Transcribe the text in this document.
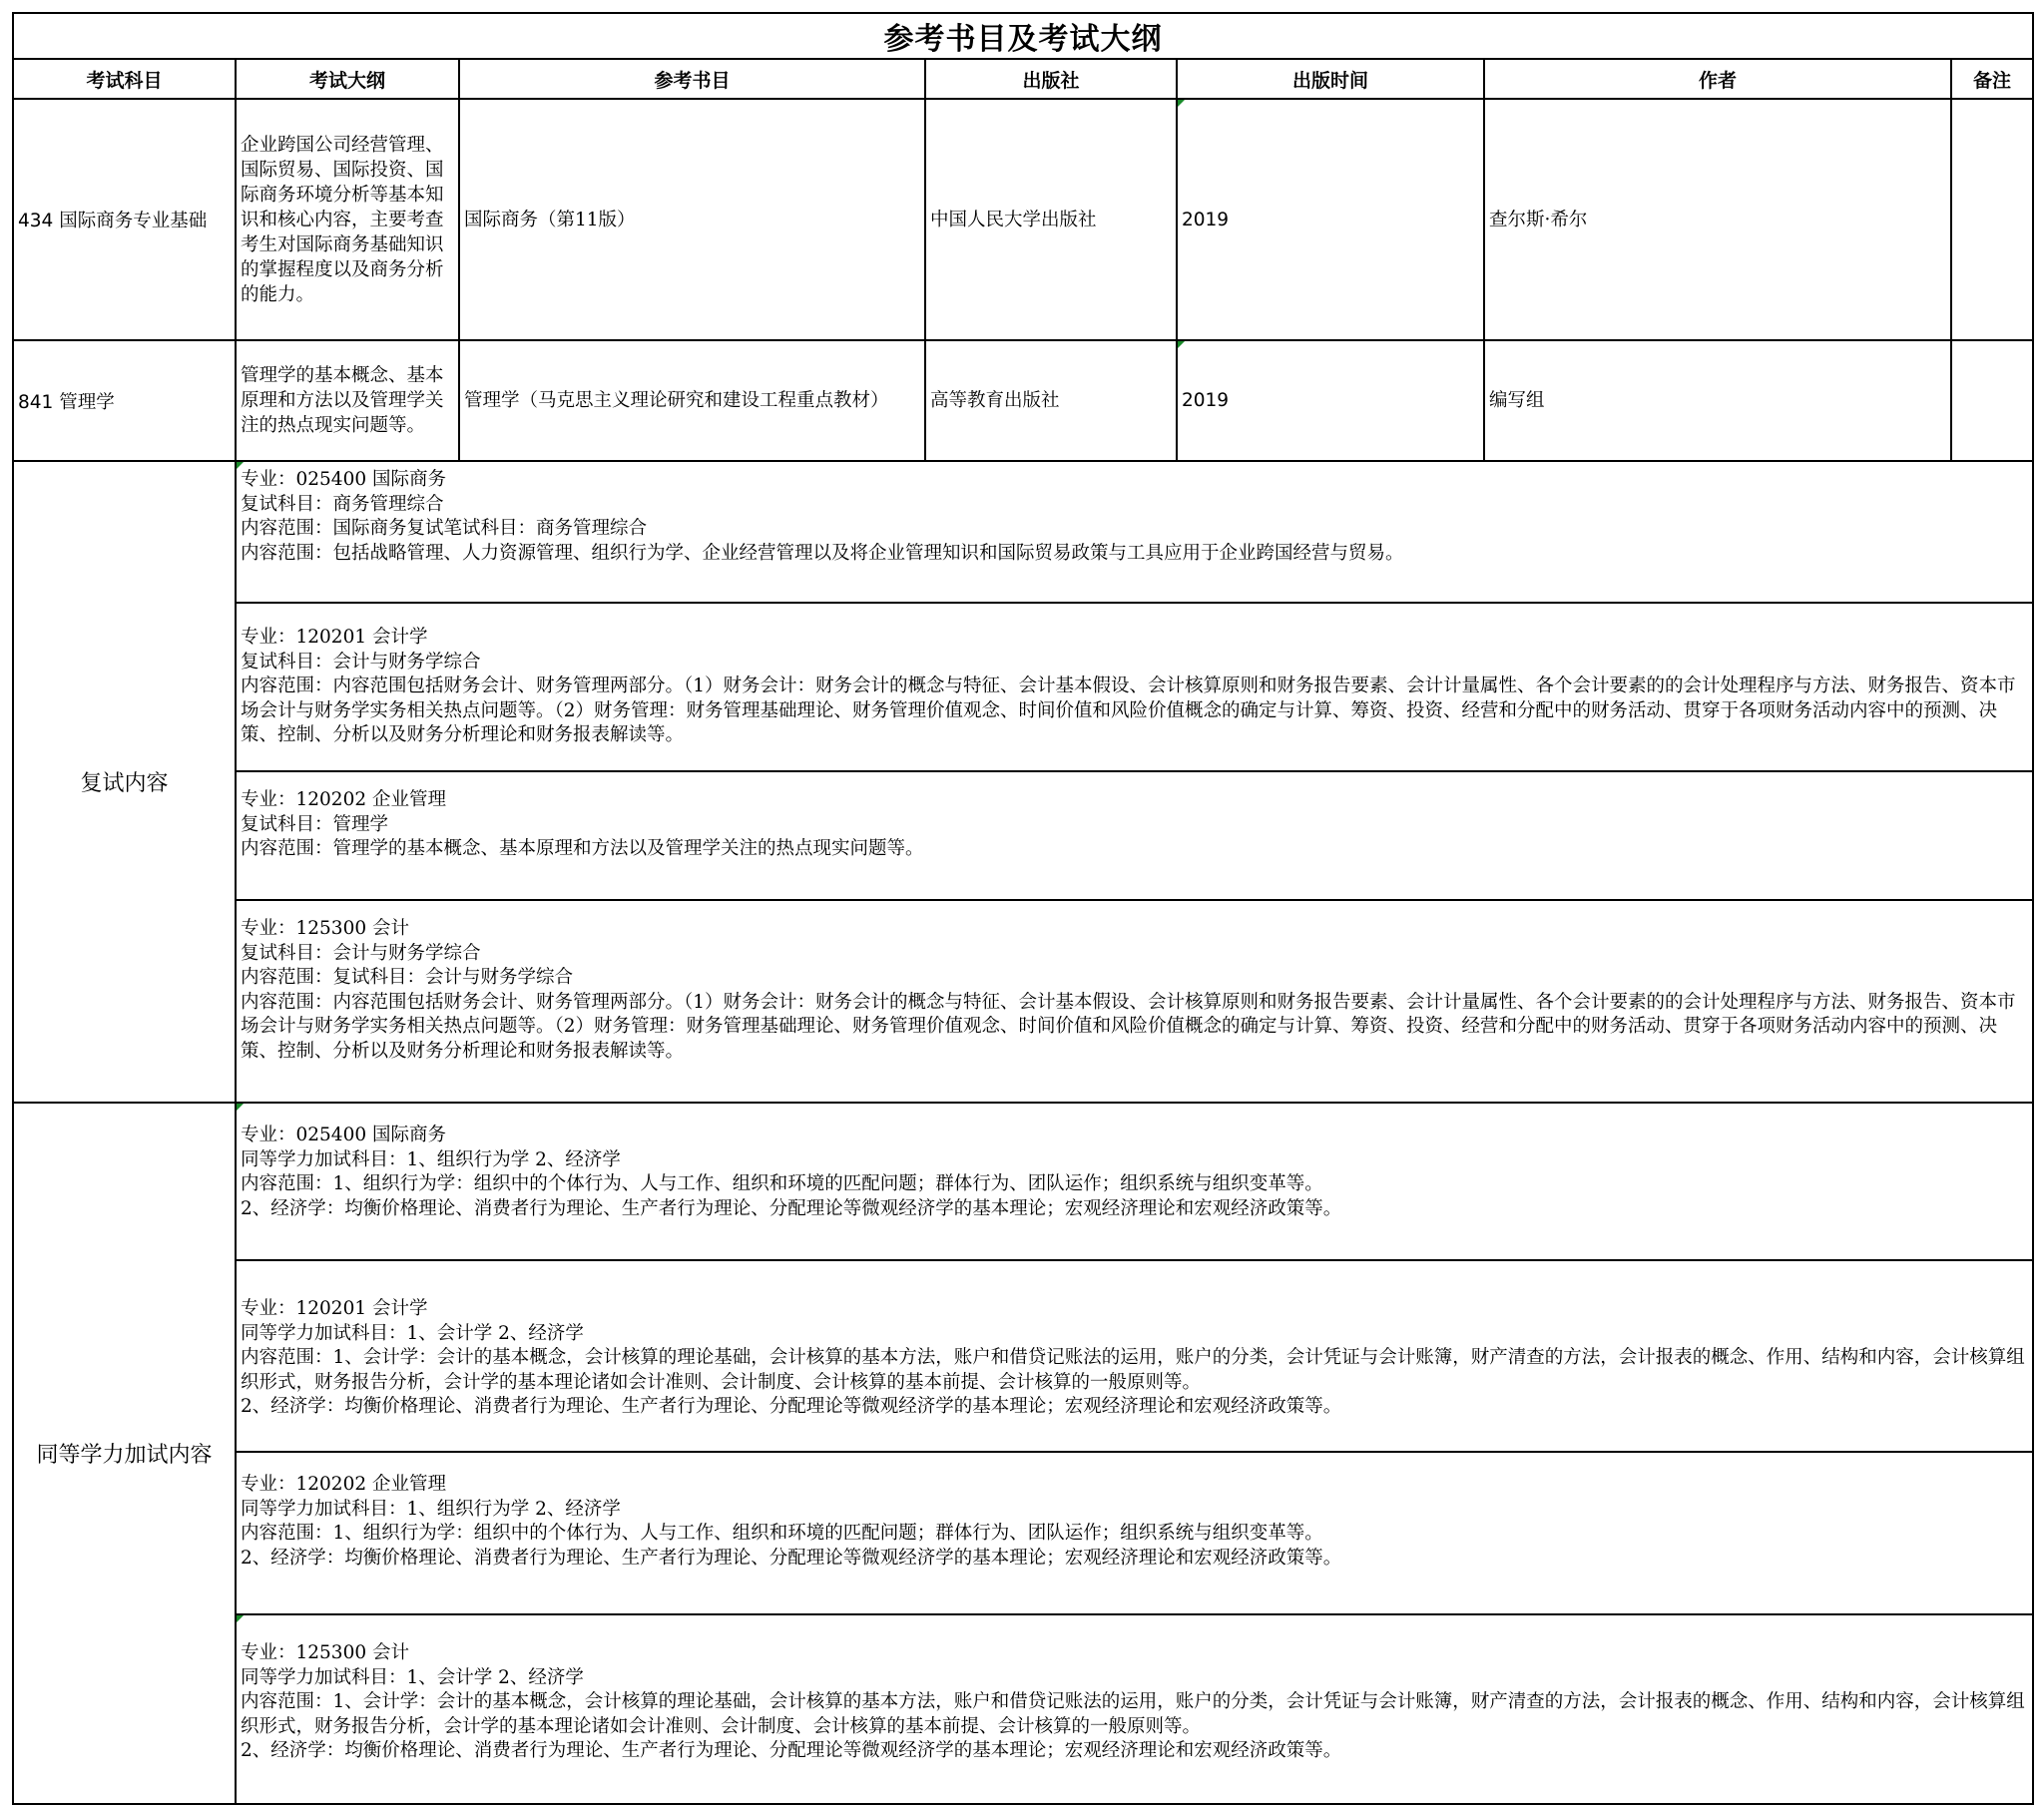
参考书目及考试大纲						
考试科目	考试大纲	参考书目	出版社	出版时间	作者	备注
434 国际商务专业基础	企业跨国公司经营管理、国际贸易、国际投资、国际商务环境分析等基本知识和核心内容，主要考查考生对国际商务基础知识的掌握程度以及商务分析的能力。	国际商务（第11版）	中国人民大学出版社	2019	查尔斯·希尔	
841 管理学	管理学的基本概念、基本原理和方法以及管理学关注的热点现实问题等。	管理学（马克思主义理论研究和建设工程重点教材）	高等教育出版社	2019	编写组	
复试内容	专业：025400 国际商务
复试科目：商务管理综合
内容范围：国际商务复试笔试科目：商务管理综合
内容范围：包括战略管理、人力资源管理、组织行为学、企业经营管理以及将企业管理知识和国际贸易政策与工具应用于企业跨国经营与贸易。					

	专业：120201 会计学
复试科目：会计与财务学综合
内容范围：内容范围包括财务会计、财务管理两部分。（1）财务会计：财务会计的概念与特征、会计基本假设、会计核算原则和财务报告要素、会计计量属性、各个会计要素的的会计处理程序与方法、财务报告、资本市场会计与财务学实务相关热点问题等。（2）财务管理：财务管理基础理论、财务管理价值观念、时间价值和风险价值概念的确定与计算、筹资、投资、经营和分配中的财务活动、贯穿于各项财务活动内容中的预测、决策、控制、分析以及财务分析理论和财务报表解读等。					

	专业：120202 企业管理
复试科目：管理学
内容范围：管理学的基本概念、基本原理和方法以及管理学关注的热点现实问题等。					

	专业：125300 会计
复试科目：会计与财务学综合
内容范围：复试科目：会计与财务学综合
内容范围：内容范围包括财务会计、财务管理两部分。（1）财务会计：财务会计的概念与特征、会计基本假设、会计核算原则和财务报告要素、会计计量属性、各个会计要素的的会计处理程序与方法、财务报告、资本市场会计与财务学实务相关热点问题等。（2）财务管理：财务管理基础理论、财务管理价值观念、时间价值和风险价值概念的确定与计算、筹资、投资、经营和分配中的财务活动、贯穿于各项财务活动内容中的预测、决策、控制、分析以及财务分析理论和财务报表解读等。					

同等学力加试内容	专业：025400 国际商务
同等学力加试科目：1、组织行为学 2、经济学
内容范围：1、组织行为学：组织中的个体行为、人与工作、组织和环境的匹配问题；群体行为、团队运作；组织系统与组织变革等。
2、经济学：均衡价格理论、消费者行为理论、生产者行为理论、分配理论等微观经济学的基本理论；宏观经济理论和宏观经济政策等。					

	专业：120201 会计学
同等学力加试科目：1、会计学 2、经济学
内容范围：1、会计学：会计的基本概念，会计核算的理论基础，会计核算的基本方法，账户和借贷记账法的运用，账户的分类，会计凭证与会计账簿，财产清查的方法，会计报表的概念、作用、结构和内容，会计核算组织形式，财务报告分析，会计学的基本理论诸如会计准则、会计制度、会计核算的基本前提、会计核算的一般原则等。
2、经济学：均衡价格理论、消费者行为理论、生产者行为理论、分配理论等微观经济学的基本理论；宏观经济理论和宏观经济政策等。					

	专业：120202 企业管理
同等学力加试科目：1、组织行为学 2、经济学
内容范围：1、组织行为学：组织中的个体行为、人与工作、组织和环境的匹配问题；群体行为、团队运作；组织系统与组织变革等。
2、经济学：均衡价格理论、消费者行为理论、生产者行为理论、分配理论等微观经济学的基本理论；宏观经济理论和宏观经济政策等。					

	专业：125300 会计
同等学力加试科目：1、会计学 2、经济学
内容范围：1、会计学：会计的基本概念，会计核算的理论基础，会计核算的基本方法，账户和借贷记账法的运用，账户的分类，会计凭证与会计账簿，财产清查的方法，会计报表的概念、作用、结构和内容，会计核算组织形式，财务报告分析，会计学的基本理论诸如会计准则、会计制度、会计核算的基本前提、会计核算的一般原则等。
2、经济学：均衡价格理论、消费者行为理论、生产者行为理论、分配理论等微观经济学的基本理论；宏观经济理论和宏观经济政策等。					
